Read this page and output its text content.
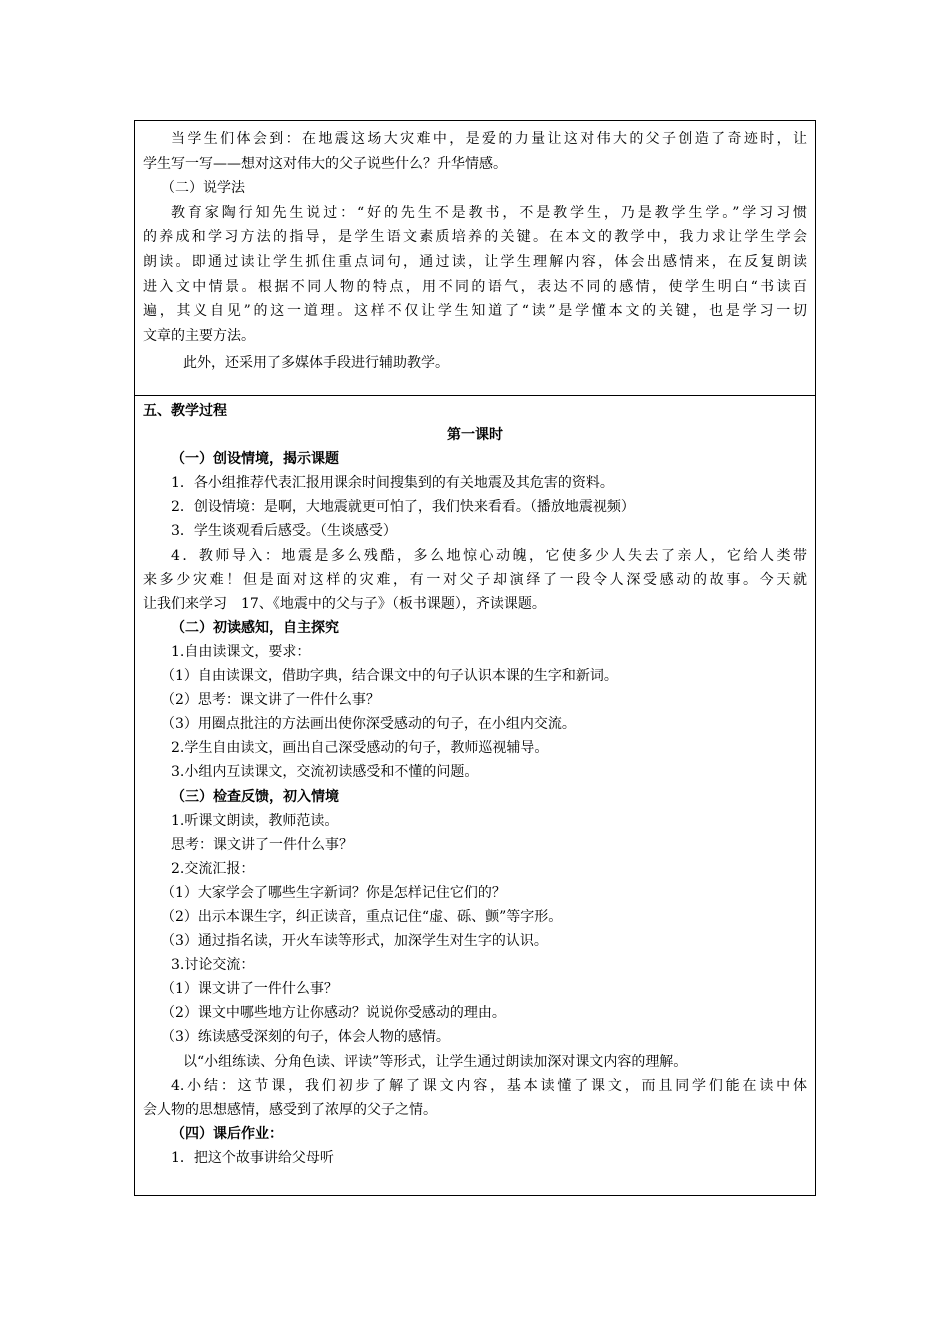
当学生们体会到：在地震这场大灾难中，是爱的力量让这对伟大的父子创造了奇迹时，让
学生写一写——想对这对伟大的父子说些什么？升华情感。
（二）说学法
教育家陶行知先生说过：“好的先生不是教书，不是教学生，乃是教学生学。”学习习惯
的养成和学习方法的指导，是学生语文素质培养的关键。在本文的教学中，我力求让学生学会
朗读。即通过读让学生抓住重点词句，通过读，让学生理解内容，体会出感情来，在反复朗读
进入文中情景。根据不同人物的特点，用不同的语气，表达不同的感情，使学生明白“书读百
遍，其义自见”的这一道理。这样不仅让学生知道了“读”是学懂本文的关键，也是学习一切
文章的主要方法。
此外，还采用了多媒体手段进行辅助教学。
五、教学过程
第一课时
（一）创设情境，揭示课题
1．各小组推荐代表汇报用课余时间搜集到的有关地震及其危害的资料。
2．创设情境：是啊，大地震就更可怕了，我们快来看看。（播放地震视频）
3．学生谈观看后感受。（生谈感受）
4．教师导入：地震是多么残酷，多么地惊心动魄，它使多少人失去了亲人，它给人类带
来多少灾难！但是面对这样的灾难，有一对父子却演绎了一段令人深受感动的故事。今天就
让我们来学习　17、《地震中的父与子》（板书课题），齐读课题。
（二）初读感知，自主探究
1.自由读课文，要求：
（1）自由读课文，借助字典，结合课文中的句子认识本课的生字和新词。
（2）思考：课文讲了一件什么事？
（3）用圈点批注的方法画出使你深受感动的句子，在小组内交流。
2.学生自由读文，画出自己深受感动的句子，教师巡视辅导。
3.小组内互读课文，交流初读感受和不懂的问题。
（三）检查反馈，初入情境
1.听课文朗读，教师范读。
思考：课文讲了一件什么事？
2.交流汇报：
（1）大家学会了哪些生字新词？你是怎样记住它们的？
（2）出示本课生字，纠正读音，重点记住“虚、砾、颤”等字形。
（3）通过指名读，开火车读等形式，加深学生对生字的认识。
3.讨论交流：
（1）课文讲了一件什么事？
（2）课文中哪些地方让你感动？说说你受感动的理由。
（3）练读感受深刻的句子，体会人物的感情。
以“小组练读、分角色读、评读”等形式，让学生通过朗读加深对课文内容的理解。
4.小结：这节课，我们初步了解了课文内容，基本读懂了课文，而且同学们能在读中体
会人物的思想感情，感受到了浓厚的父子之情。
（四）课后作业：
1．把这个故事讲给父母听
